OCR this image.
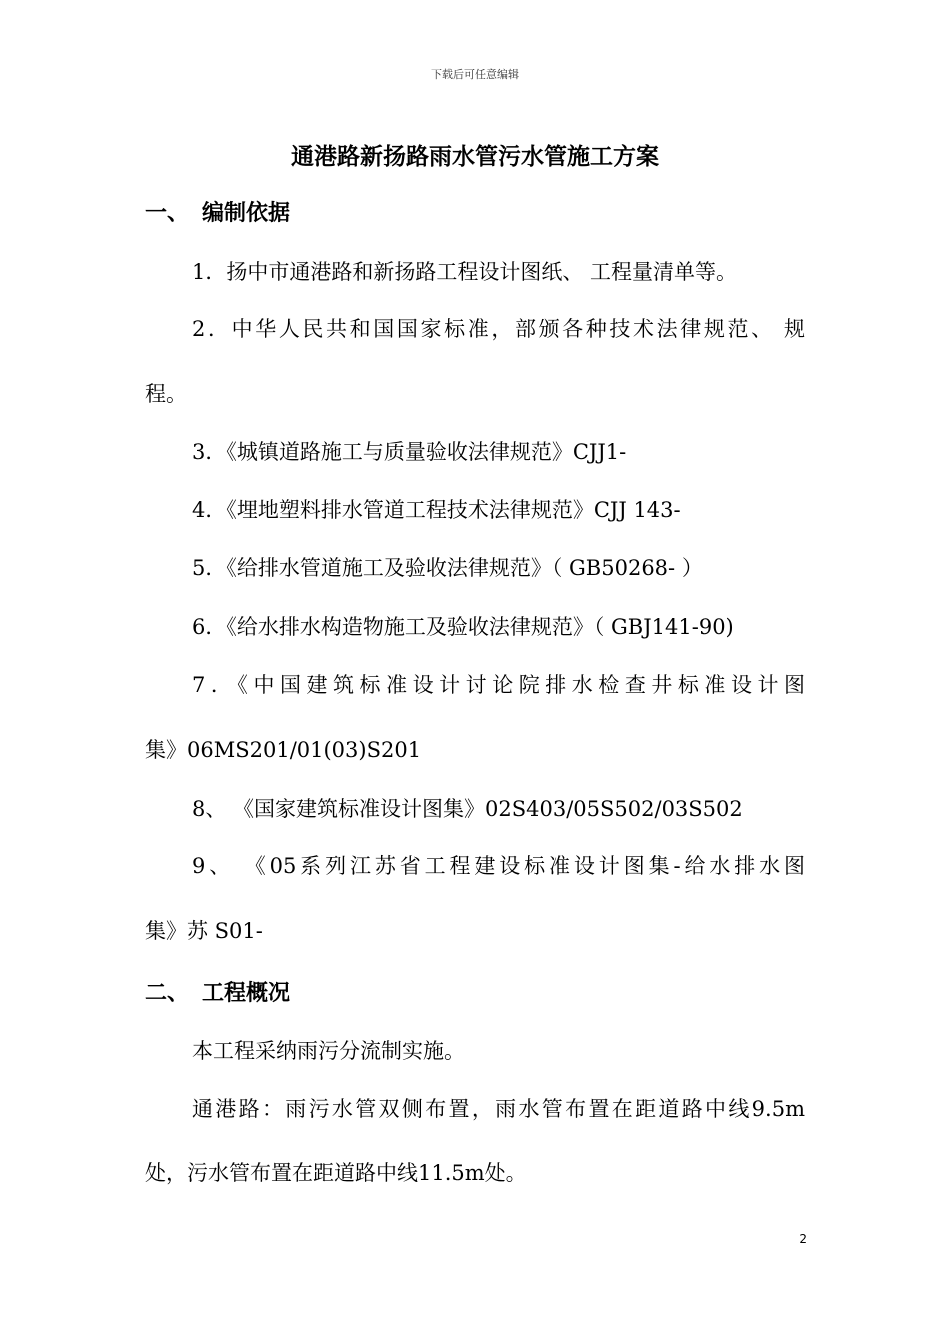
下载后可任意编辑
通港路新扬路雨水管污水管施工方案
一、 编制依据
1．扬中市通港路和新扬路工程设计图纸、 工程量清单等。
2．中华人民共和国国家标准，部颁各种技术法律规范、 规
程。
3．《城镇道路施工与质量验收法律规范》CJJ1-
4．《埋地塑料排水管道工程技术法律规范》CJJ 143-
5．《给排水管道施工及验收法律规范》（ GB50268- ）
6．《给水排水构造物施工及验收法律规范》（ GBJ141-90)
7．《中国建筑标准设计讨论院排水检查井标准设计图
集》06MS201/01(03)S201
8、 《国家建筑标准设计图集》02S403/05S502/03S502
9、 《05系列江苏省工程建设标准设计图集-给水排水图
集》苏 S01-
二、 工程概况
本工程采纳雨污分流制实施。
通港路：雨污水管双侧布置，雨水管布置在距道路中线9.5m
处，污水管布置在距道路中线11.5m处。
2
